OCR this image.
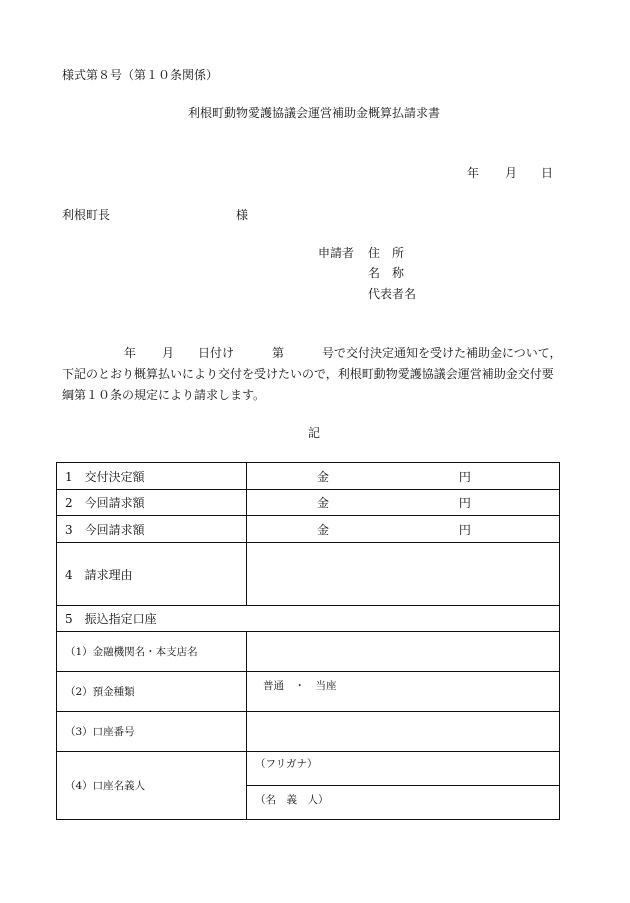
様式第８号（第１０条関係）
利根町動物愛護協議会運営補助金概算払請求書
年 月 日
利根町長	様
申請者 住　所
名　称
代表者名
年 月 日付け	第	号で交付決定通知を受けた補助金について，
下記のとおり概算払いにより交付を受けたいので，利根町動物愛護協議会運営補助金交付要
綱第１０条の規定により請求します。
記
1　交付決定額	金 円
2　今回請求額	金 円
3　今回請求額	金 円
4　請求理由	
5　振込指定口座	
（1）金融機関名・本支店名	
（2）預金種類	普通　・　当座
（3）口座番号	
（4）口座名義人	（フリガナ）
	（名　義　人）
